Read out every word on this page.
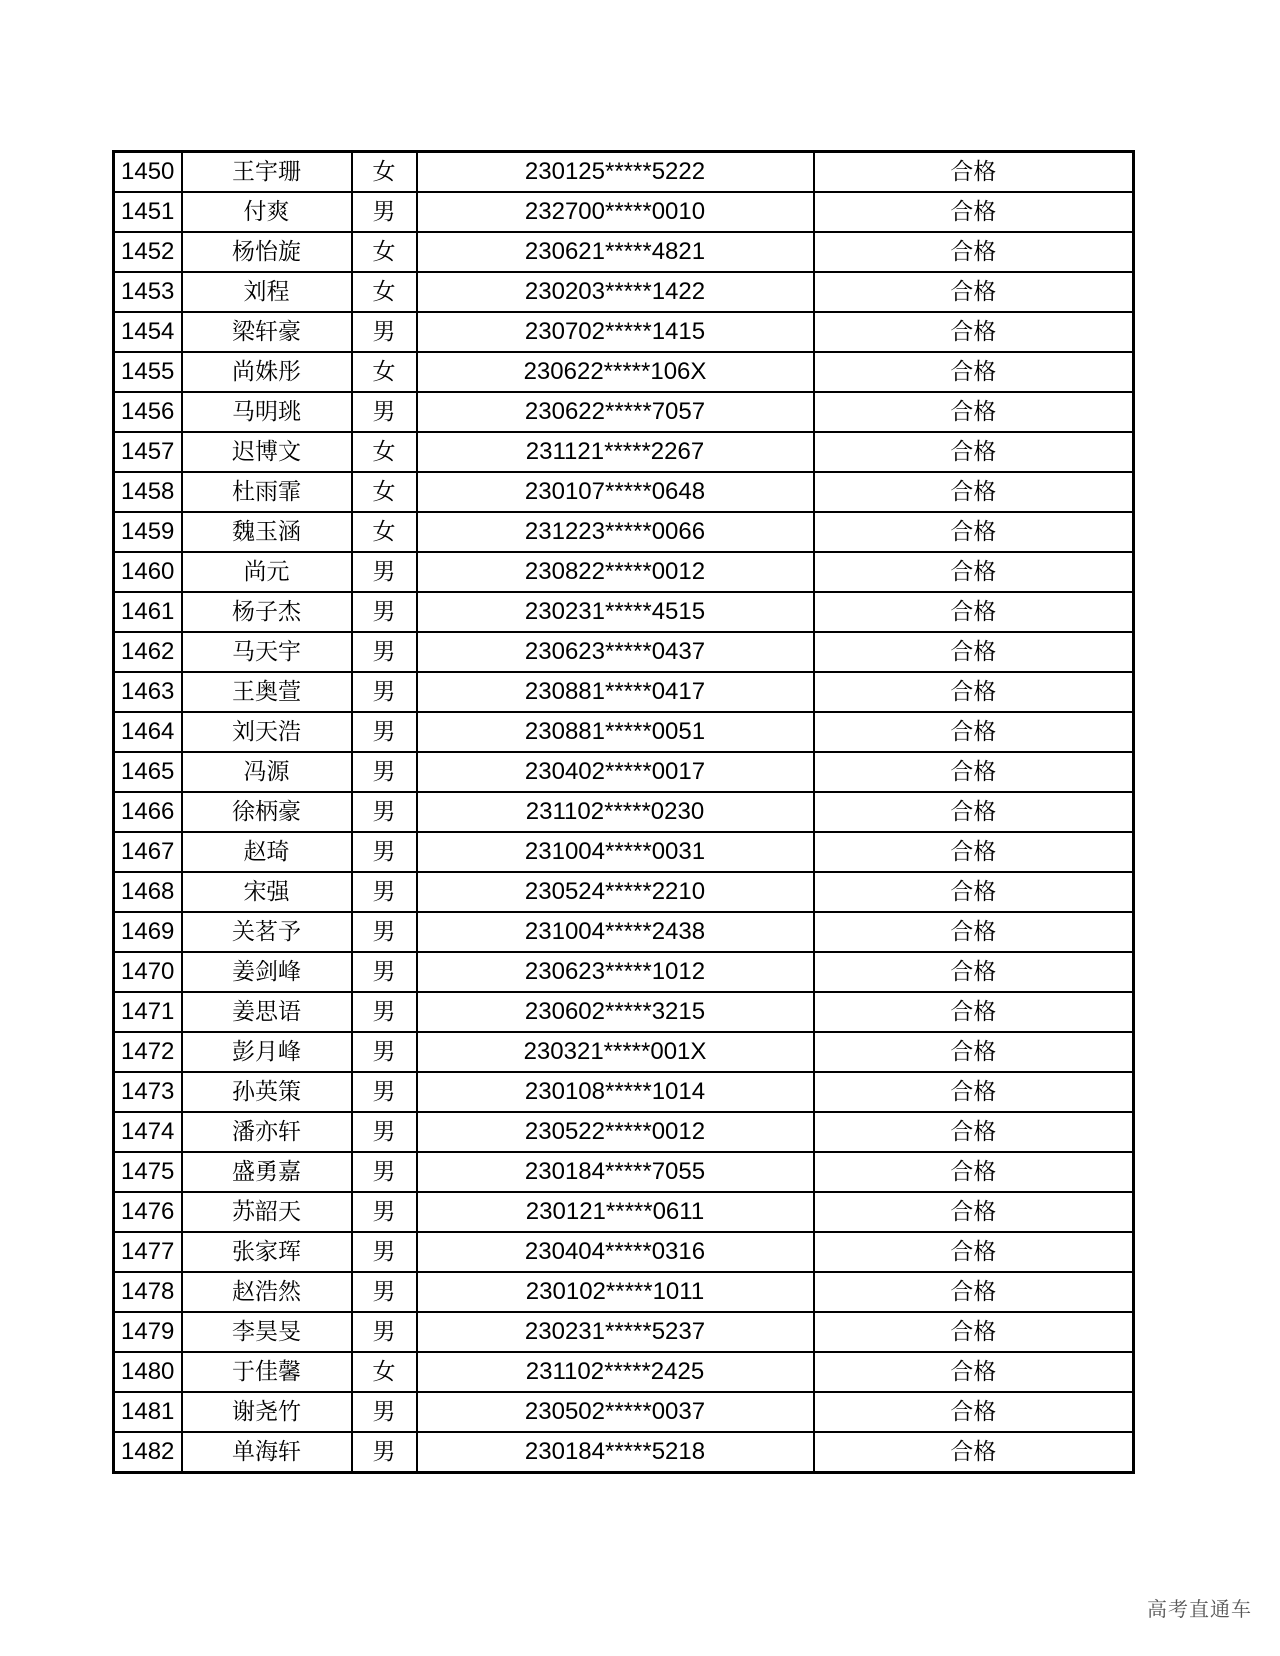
1450	王宇珊	女	230125*****5222	合格
1451	付爽	男	232700*****0010	合格
1452	杨怡旋	女	230621*****4821	合格
1453	刘程	女	230203*****1422	合格
1454	梁轩豪	男	230702*****1415	合格
1455	尚姝彤	女	230622*****106X	合格
1456	马明珧	男	230622*****7057	合格
1457	迟博文	女	231121*****2267	合格
1458	杜雨霏	女	230107*****0648	合格
1459	魏玉涵	女	231223*****0066	合格
1460	尚元	男	230822*****0012	合格
1461	杨子杰	男	230231*****4515	合格
1462	马天宇	男	230623*****0437	合格
1463	王奥萱	男	230881*****0417	合格
1464	刘天浩	男	230881*****0051	合格
1465	冯源	男	230402*****0017	合格
1466	徐柄豪	男	231102*****0230	合格
1467	赵琦	男	231004*****0031	合格
1468	宋强	男	230524*****2210	合格
1469	关茗予	男	231004*****2438	合格
1470	姜剑峰	男	230623*****1012	合格
1471	姜思语	男	230602*****3215	合格
1472	彭月峰	男	230321*****001X	合格
1473	孙英策	男	230108*****1014	合格
1474	潘亦轩	男	230522*****0012	合格
1475	盛勇嘉	男	230184*****7055	合格
1476	苏韶天	男	230121*****0611	合格
1477	张家珲	男	230404*****0316	合格
1478	赵浩然	男	230102*****1011	合格
1479	李昊旻	男	230231*****5237	合格
1480	于佳馨	女	231102*****2425	合格
1481	谢尧竹	男	230502*****0037	合格
1482	单海轩	男	230184*****5218	合格
高考直通车
